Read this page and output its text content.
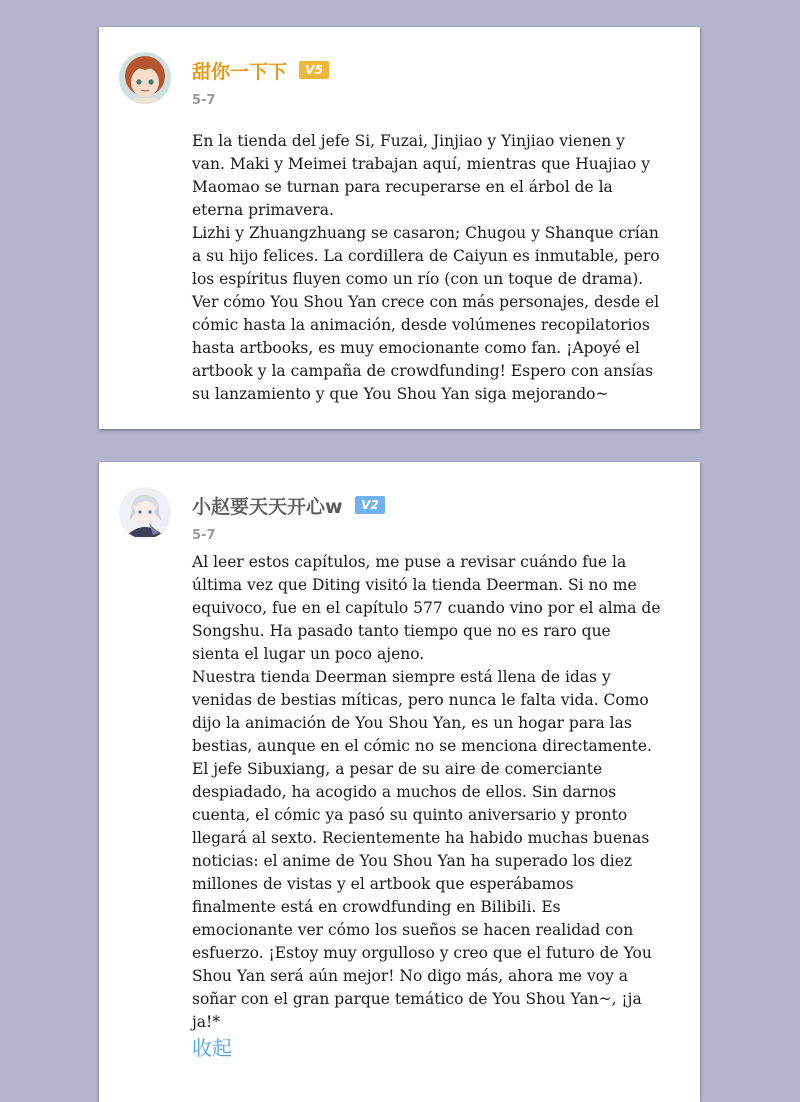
甜你一下下	V5
5-7
En la tienda del jefe Si, Fuzai, Jinjiao y Yinjiao vienen y van. Maki y Meimei trabajan aquí, mientras que Huajiao y Maomao se turnan para recuperarse en el árbol de la eterna primavera.
Lizhi y Zhuangzhuang se casaron; Chugou y Shanque crían a su hijo felices. La cordillera de Caiyun es inmutable, pero los espíritus fluyen como un río (con un toque de drama). Ver cómo You Shou Yan crece con más personajes, desde el cómic hasta la animación, desde volúmenes recopilatorios hasta artbooks, es muy emocionante como fan. ¡Apoyé el artbook y la campaña de crowdfunding! Espero con ansías su lanzamiento y que You Shou Yan siga mejorando~
小赵要天天开心w	V2
5-7
Al leer estos capítulos, me puse a revisar cuándo fue la última vez que Diting visitó la tienda Deerman. Si no me equivoco, fue en el capítulo 577 cuando vino por el alma de Songshu. Ha pasado tanto tiempo que no es raro que sienta el lugar un poco ajeno.
Nuestra tienda Deerman siempre está llena de idas y venidas de bestias míticas, pero nunca le falta vida. Como dijo la animación de You Shou Yan, es un hogar para las bestias, aunque en el cómic no se menciona directamente. El jefe Sibuxiang, a pesar de su aire de comerciante despiadado, ha acogido a muchos de ellos. Sin darnos cuenta, el cómic ya pasó su quinto aniversario y pronto llegará al sexto. Recientemente ha habido muchas buenas noticias: el anime de You Shou Yan ha superado los diez millones de vistas y el artbook que esperábamos finalmente está en crowdfunding en Bilibili. Es emocionante ver cómo los sueños se hacen realidad con esfuerzo. ¡Estoy muy orgulloso y creo que el futuro de You Shou Yan será aún mejor! No digo más, ahora me voy a soñar con el gran parque temático de You Shou Yan~, ¡ja ja!*
收起
